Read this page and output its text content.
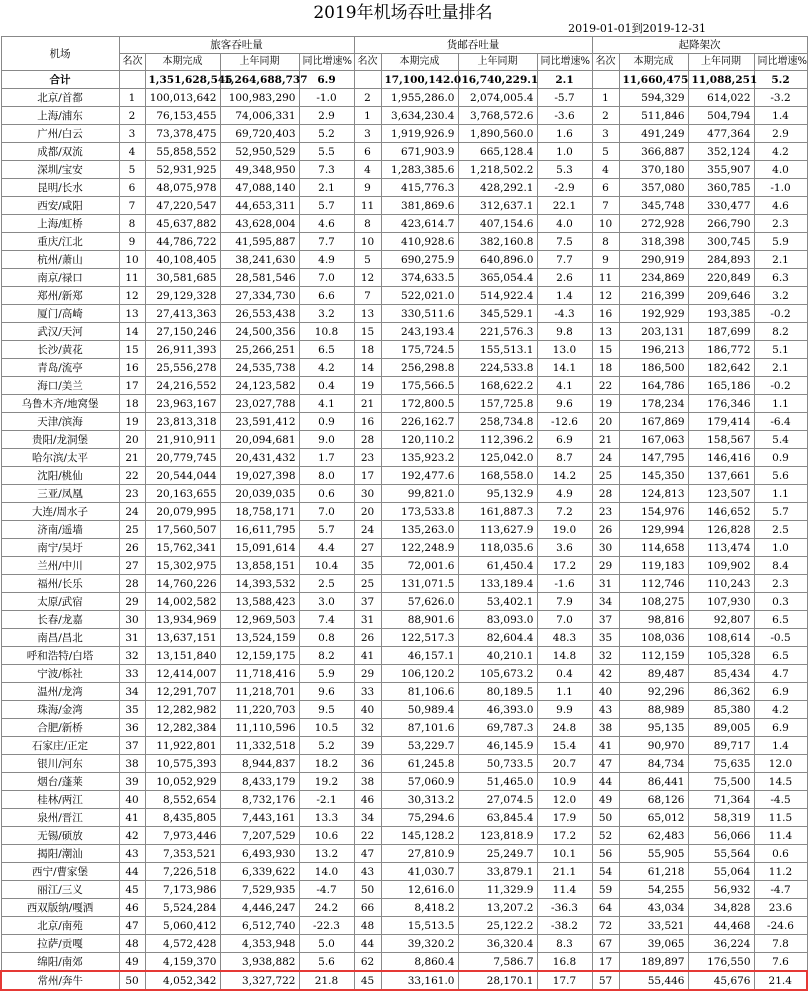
2019年机场吞吐量排名
2019-01-01到2019-12-31
机场	旅客吞吐量				货邮吞吐量				起降架次			
	名次	本期完成	上年同期	同比增速%	名次	本期完成	上年同期	同比增速%	名次	本期完成	上年同期	同比增速%
合计		1,351,628,545	1,264,688,737	6.9		17,100,142.0	16,740,229.1	2.1		11,660,475	11,088,251	5.2
北京/首都	1	100,013,642	100,983,290	-1.0	2	1,955,286.0	2,074,005.4	-5.7	1	594,329	614,022	-3.2
上海/浦东	2	76,153,455	74,006,331	2.9	1	3,634,230.4	3,768,572.6	-3.6	2	511,846	504,794	1.4
广州/白云	3	73,378,475	69,720,403	5.2	3	1,919,926.9	1,890,560.0	1.6	3	491,249	477,364	2.9
成都/双流	4	55,858,552	52,950,529	5.5	6	671,903.9	665,128.4	1.0	5	366,887	352,124	4.2
深圳/宝安	5	52,931,925	49,348,950	7.3	4	1,283,385.6	1,218,502.2	5.3	4	370,180	355,907	4.0
昆明/长水	6	48,075,978	47,088,140	2.1	9	415,776.3	428,292.1	-2.9	6	357,080	360,785	-1.0
西安/咸阳	7	47,220,547	44,653,311	5.7	11	381,869.6	312,637.1	22.1	7	345,748	330,477	4.6
上海/虹桥	8	45,637,882	43,628,004	4.6	8	423,614.7	407,154.6	4.0	10	272,928	266,790	2.3
重庆/江北	9	44,786,722	41,595,887	7.7	10	410,928.6	382,160.8	7.5	8	318,398	300,745	5.9
杭州/萧山	10	40,108,405	38,241,630	4.9	5	690,275.9	640,896.0	7.7	9	290,919	284,893	2.1
南京/禄口	11	30,581,685	28,581,546	7.0	12	374,633.5	365,054.4	2.6	11	234,869	220,849	6.3
郑州/新郑	12	29,129,328	27,334,730	6.6	7	522,021.0	514,922.4	1.4	12	216,399	209,646	3.2
厦门/高崎	13	27,413,363	26,553,438	3.2	13	330,511.6	345,529.1	-4.3	16	192,929	193,385	-0.2
武汉/天河	14	27,150,246	24,500,356	10.8	15	243,193.4	221,576.3	9.8	13	203,131	187,699	8.2
长沙/黄花	15	26,911,393	25,266,251	6.5	18	175,724.5	155,513.1	13.0	15	196,213	186,772	5.1
青岛/流亭	16	25,556,278	24,535,738	4.2	14	256,298.8	224,533.8	14.1	18	186,500	182,642	2.1
海口/美兰	17	24,216,552	24,123,582	0.4	19	175,566.5	168,622.2	4.1	22	164,786	165,186	-0.2
乌鲁木齐/地窝堡	18	23,963,167	23,027,788	4.1	21	172,800.5	157,725.8	9.6	19	178,234	176,346	1.1
天津/滨海	19	23,813,318	23,591,412	0.9	16	226,162.7	258,734.8	-12.6	20	167,869	179,414	-6.4
贵阳/龙洞堡	20	21,910,911	20,094,681	9.0	28	120,110.2	112,396.2	6.9	21	167,063	158,567	5.4
哈尔滨/太平	21	20,779,745	20,431,432	1.7	23	135,923.2	125,042.0	8.7	24	147,795	146,416	0.9
沈阳/桃仙	22	20,544,044	19,027,398	8.0	17	192,477.6	168,558.0	14.2	25	145,350	137,661	5.6
三亚/凤凰	23	20,163,655	20,039,035	0.6	30	99,821.0	95,132.9	4.9	28	124,813	123,507	1.1
大连/周水子	24	20,079,995	18,758,171	7.0	20	173,533.8	161,887.3	7.2	23	154,976	146,652	5.7
济南/遥墙	25	17,560,507	16,611,795	5.7	24	135,263.0	113,627.9	19.0	26	129,994	126,828	2.5
南宁/吴圩	26	15,762,341	15,091,614	4.4	27	122,248.9	118,035.6	3.6	30	114,658	113,474	1.0
兰州/中川	27	15,302,975	13,858,151	10.4	35	72,001.6	61,450.4	17.2	29	119,183	109,902	8.4
福州/长乐	28	14,760,226	14,393,532	2.5	25	131,071.5	133,189.4	-1.6	31	112,746	110,243	2.3
太原/武宿	29	14,002,582	13,588,423	3.0	37	57,626.0	53,402.1	7.9	34	108,275	107,930	0.3
长春/龙嘉	30	13,934,969	12,969,503	7.4	31	88,901.6	83,093.0	7.0	37	98,816	92,807	6.5
南昌/昌北	31	13,637,151	13,524,159	0.8	26	122,517.3	82,604.4	48.3	35	108,036	108,614	-0.5
呼和浩特/白塔	32	13,151,840	12,159,175	8.2	41	46,157.1	40,210.1	14.8	32	112,159	105,328	6.5
宁波/栎社	33	12,414,007	11,718,416	5.9	29	106,120.2	105,673.2	0.4	42	89,487	85,434	4.7
温州/龙湾	34	12,291,707	11,218,701	9.6	33	81,106.6	80,189.5	1.1	40	92,296	86,362	6.9
珠海/金湾	35	12,282,982	11,220,703	9.5	40	50,989.4	46,393.0	9.9	43	88,989	85,380	4.2
合肥/新桥	36	12,282,384	11,110,596	10.5	32	87,101.6	69,787.3	24.8	38	95,135	89,005	6.9
石家庄/正定	37	11,922,801	11,332,518	5.2	39	53,229.7	46,145.9	15.4	41	90,970	89,717	1.4
银川/河东	38	10,575,393	8,944,837	18.2	36	61,245.8	50,733.5	20.7	47	84,734	75,635	12.0
烟台/蓬莱	39	10,052,929	8,433,179	19.2	38	57,060.9	51,465.0	10.9	44	86,441	75,500	14.5
桂林/两江	40	8,552,654	8,732,176	-2.1	46	30,313.2	27,074.5	12.0	49	68,126	71,364	-4.5
泉州/晋江	41	8,435,805	7,443,161	13.3	34	75,294.6	63,845.4	17.9	50	65,012	58,319	11.5
无锡/硕放	42	7,973,446	7,207,529	10.6	22	145,128.2	123,818.9	17.2	52	62,483	56,066	11.4
揭阳/潮汕	43	7,353,521	6,493,930	13.2	47	27,810.9	25,249.7	10.1	56	55,905	55,564	0.6
西宁/曹家堡	44	7,226,518	6,339,622	14.0	43	41,030.7	33,879.1	21.1	54	61,218	55,064	11.2
丽江/三义	45	7,173,986	7,529,935	-4.7	50	12,616.0	11,329.9	11.4	59	54,255	56,932	-4.7
西双版纳/嘎洒	46	5,524,284	4,446,247	24.2	66	8,418.2	13,207.2	-36.3	64	43,034	34,828	23.6
北京/南苑	47	5,060,412	6,512,740	-22.3	48	15,513.5	25,122.2	-38.2	72	33,521	44,468	-24.6
拉萨/贡嘎	48	4,572,428	4,353,948	5.0	44	39,320.2	36,320.4	8.3	67	39,065	36,224	7.8
绵阳/南郊	49	4,159,370	3,938,882	5.6	62	8,860.4	7,586.7	16.8	17	189,897	176,550	7.6
常州/奔牛	50	4,052,342	3,327,722	21.8	45	33,161.0	28,170.1	17.7	57	55,446	45,676	21.4
